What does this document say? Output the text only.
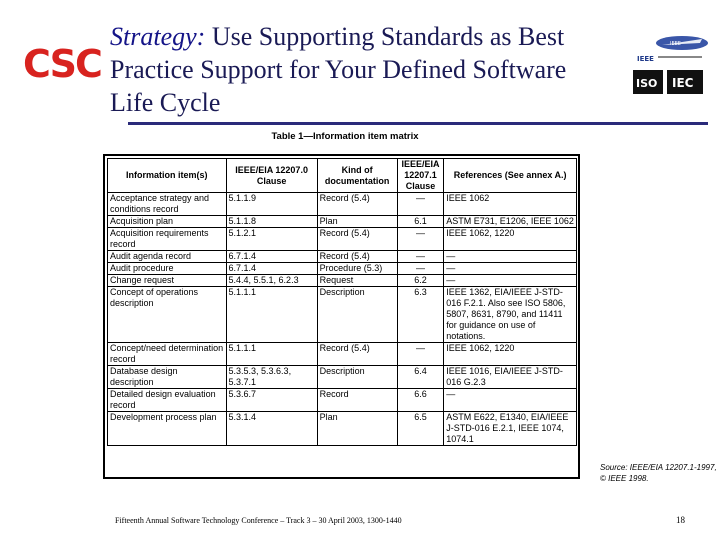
CSC
Strategy: Use Supporting Standards as Best Practice Support for Your Defined Software Life Cycle
IEEE
IEEE
ISO IEC
Table 1—Information item matrix
Information item(s)	IEEE/EIA 12207.0 Clause	Kind of documentation	IEEE/EIA 12207.1 Clause	References (See annex A.)
Acceptance strategy and conditions record	5.1.1.9	Record (5.4)	—	IEEE 1062
Acquisition plan	5.1.1.8	Plan	6.1	ASTM E731, E1206, IEEE 1062
Acquisition requirements record	5.1.2.1	Record (5.4)	—	IEEE 1062, 1220
Audit agenda record	6.7.1.4	Record (5.4)	—	—
Audit procedure	6.7.1.4	Procedure (5.3)	—	—
Change request	5.4.4, 5.5.1, 6.2.3	Request	6.2	—
Concept of operations description	5.1.1.1	Description	6.3	IEEE 1362, EIA/IEEE J-STD-016 F.2.1. Also see ISO 5806, 5807, 8631, 8790, and 11411 for guidance on use of notations.
Concept/need determination record	5.1.1.1	Record (5.4)	—	IEEE 1062, 1220
Database design description	5.3.5.3, 5.3.6.3, 5.3.7.1	Description	6.4	IEEE 1016, EIA/IEEE J-STD-016 G.2.3
Detailed design evaluation record	5.3.6.7	Record	6.6	—
Development process plan	5.3.1.4	Plan	6.5	ASTM E622, E1340, EIA/IEEE J-STD-016 E.2.1, IEEE 1074, 1074.1
Source: IEEE/EIA 12207.1-1997, © IEEE 1998.
Fifteenth Annual Software Technology Conference – Track 3 – 30 April 2003, 1300-1440	18
